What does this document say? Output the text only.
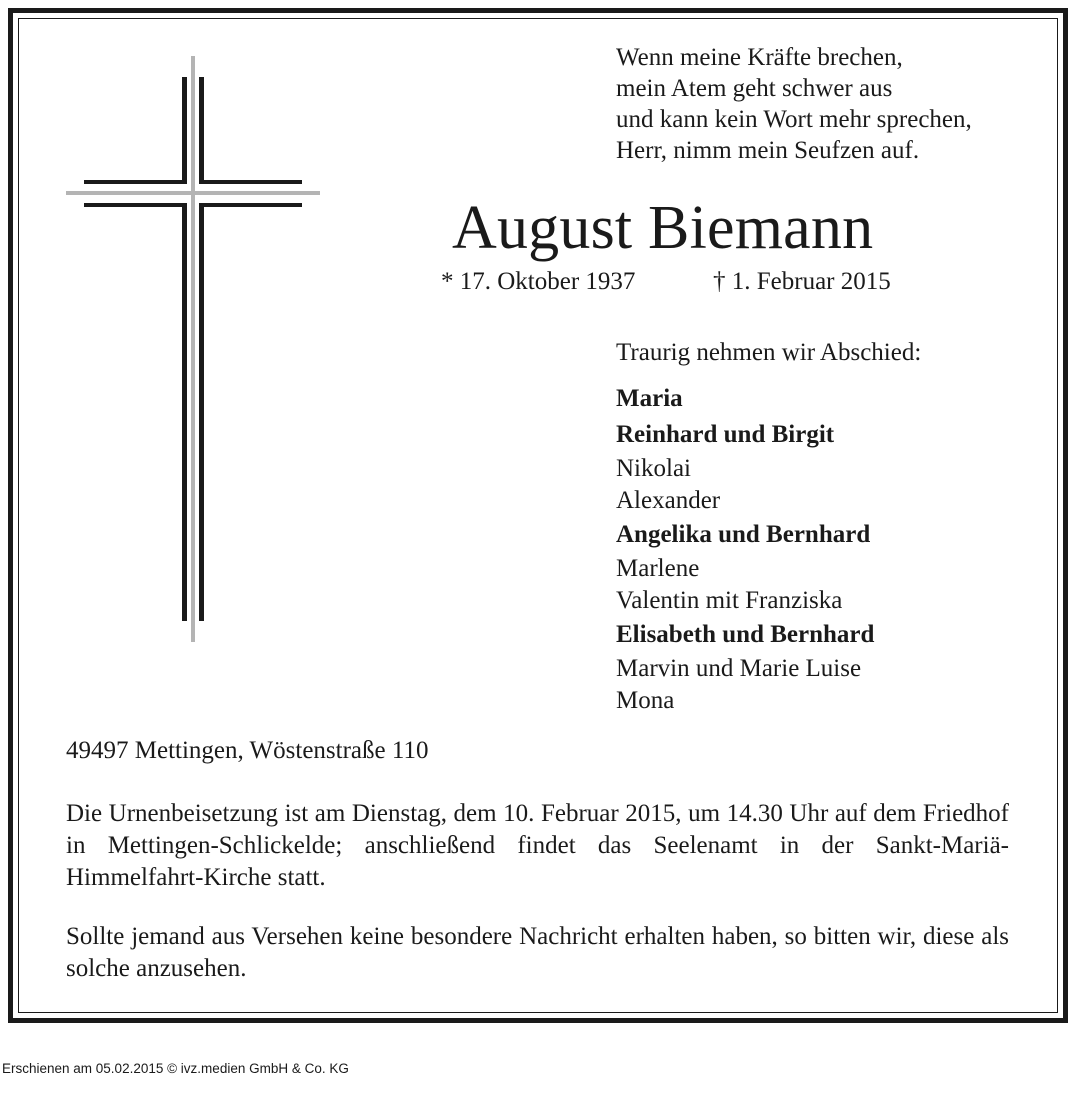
Wenn meine Kräfte brechen,
mein Atem geht schwer aus
und kann kein Wort mehr sprechen,
Herr, nimm mein Seufzen auf.
August Biemann
* 17. Oktober 1937	† 1. Februar 2015
Traurig nehmen wir Abschied:
Maria
Reinhard und Birgit
Nikolai
Alexander
Angelika und Bernhard
Marlene
Valentin mit Franziska
Elisabeth und Bernhard
Marvin und Marie Luise
Mona
49497 Mettingen, Wöstenstraße 110
Die Urnenbeisetzung ist am Dienstag, dem 10. Februar 2015, um 14.30 Uhr auf dem Friedhof in Mettingen-Schlickelde; anschließend findet das Seelenamt in der Sankt-Mariä-Himmelfahrt-Kirche statt.
Sollte jemand aus Versehen keine besondere Nachricht erhalten haben, so bitten wir, diese als solche anzusehen.
Erschienen am 05.02.2015 © ivz.medien GmbH & Co. KG
